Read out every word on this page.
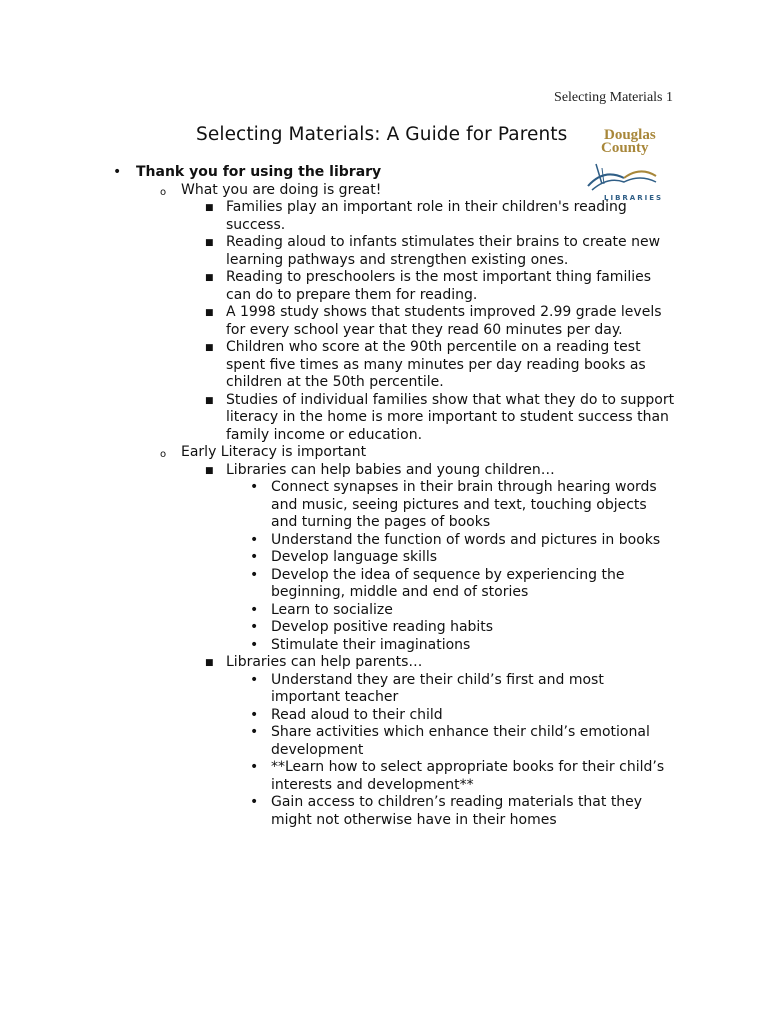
Selecting Materials 1
Selecting Materials: A Guide for Parents Douglas
County
LIBRARIES
• Thank you for using the library
o What you are doing is great!
■ Families play an important role in their children's reading success.
■ Reading aloud to infants stimulates their brains to create new learning pathways and strengthen existing ones.
■ Reading to preschoolers is the most important thing families can do to prepare them for reading.
■ A 1998 study shows that students improved 2.99 grade levels for every school year that they read 60 minutes per day.
■ Children who score at the 90th percentile on a reading test spent five times as many minutes per day reading books as children at the 50th percentile.
■ Studies of individual families show that what they do to support literacy in the home is more important to student success than family income or education.
o Early Literacy is important
■ Libraries can help babies and young children…
• Connect synapses in their brain through hearing words and music, seeing pictures and text, touching objects and turning the pages of books
• Understand the function of words and pictures in books
• Develop language skills
• Develop the idea of sequence by experiencing the beginning, middle and end of stories
• Learn to socialize
• Develop positive reading habits
• Stimulate their imaginations
■ Libraries can help parents…
• Understand they are their child’s first and most important teacher
• Read aloud to their child
• Share activities which enhance their child’s emotional development
• **Learn how to select appropriate books for their child’s interests and development**
• Gain access to children’s reading materials that they might not otherwise have in their homes
